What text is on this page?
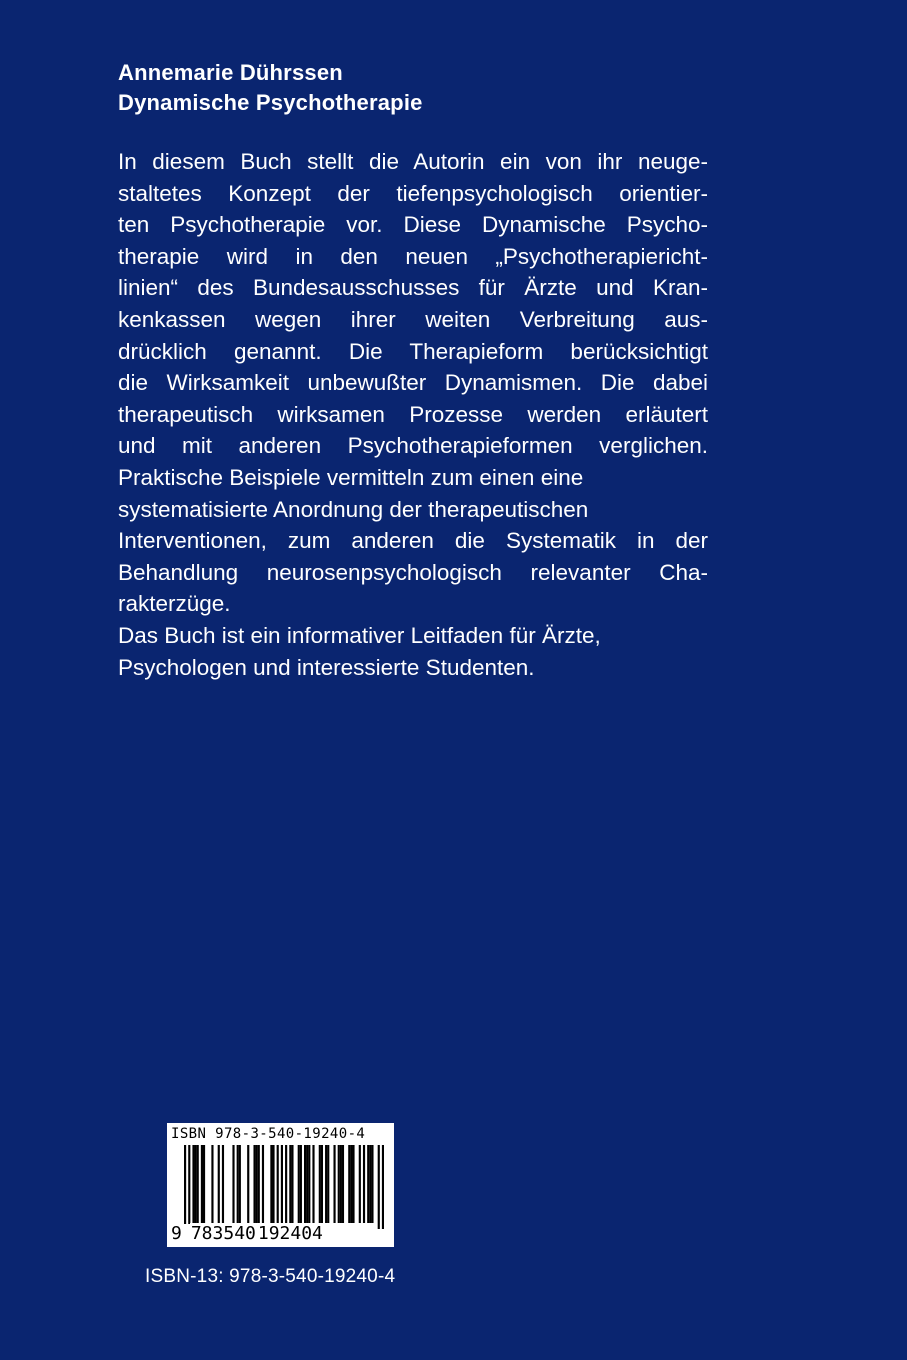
Annemarie Dührssen
Dynamische Psychotherapie
In diesem Buch stellt die Autorin ein von ihr neuge-
staltetes Konzept der tiefenpsychologisch orientier-
ten Psychotherapie vor. Diese Dynamische Psycho-
therapie wird in den neuen „Psychotherapiericht-
linien“ des Bundesausschusses für Ärzte und Kran-
kenkassen wegen ihrer weiten Verbreitung aus-
drücklich genannt. Die Therapieform berücksichtigt
die Wirksamkeit unbewußter Dynamismen. Die dabei
therapeutisch wirksamen Prozesse werden erläutert
und mit anderen Psychotherapieformen verglichen.
Praktische Beispiele vermitteln zum einen eine
systematisierte Anordnung der therapeutischen
Interventionen, zum anderen die Systematik in der
Behandlung neurosenpsychologisch relevanter Cha-
rakterzüge.
Das Buch ist ein informativer Leitfaden für Ärzte,
Psychologen und interessierte Studenten.
ISBN 978-3-540-19240-4
9 783540 192404
ISBN-13: 978-3-540-19240-4
